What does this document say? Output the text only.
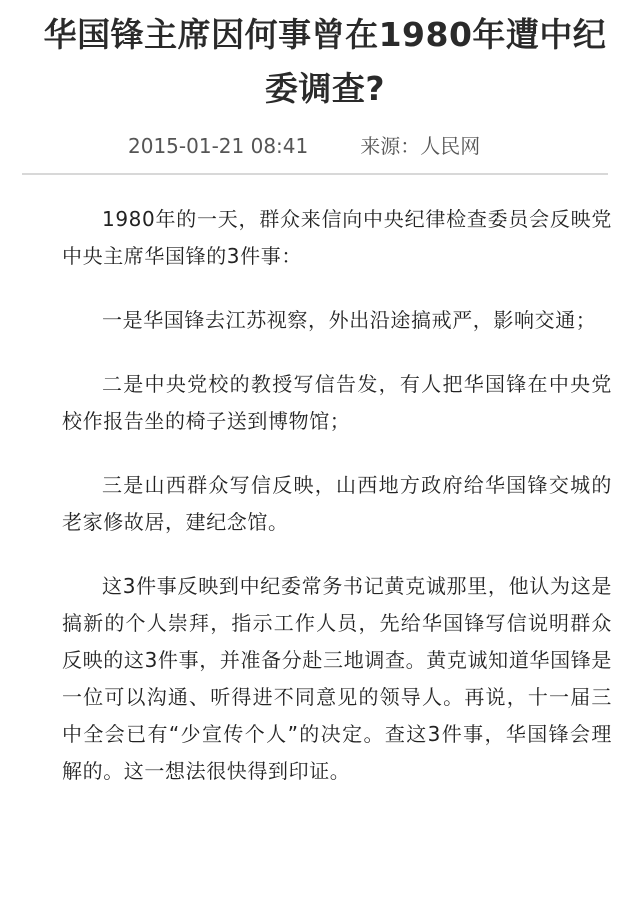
华国锋主席因何事曾在1980年遭中纪委调查?
2015-01-21 08:41	来源：人民网

1980年的一天，群众来信向中央纪律检查委员会反映党中央主席华国锋的3件事：

一是华国锋去江苏视察，外出沿途搞戒严，影响交通；

二是中央党校的教授写信告发，有人把华国锋在中央党校作报告坐的椅子送到博物馆；

三是山西群众写信反映，山西地方政府给华国锋交城的老家修故居，建纪念馆。

这3件事反映到中纪委常务书记黄克诚那里，他认为这是搞新的个人崇拜，指示工作人员，先给华国锋写信说明群众反映的这3件事，并准备分赴三地调查。黄克诚知道华国锋是一位可以沟通、听得进不同意见的领导人。再说，十一届三中全会已有“少宣传个人”的决定。查这3件事，华国锋会理解的。这一想法很快得到印证。
